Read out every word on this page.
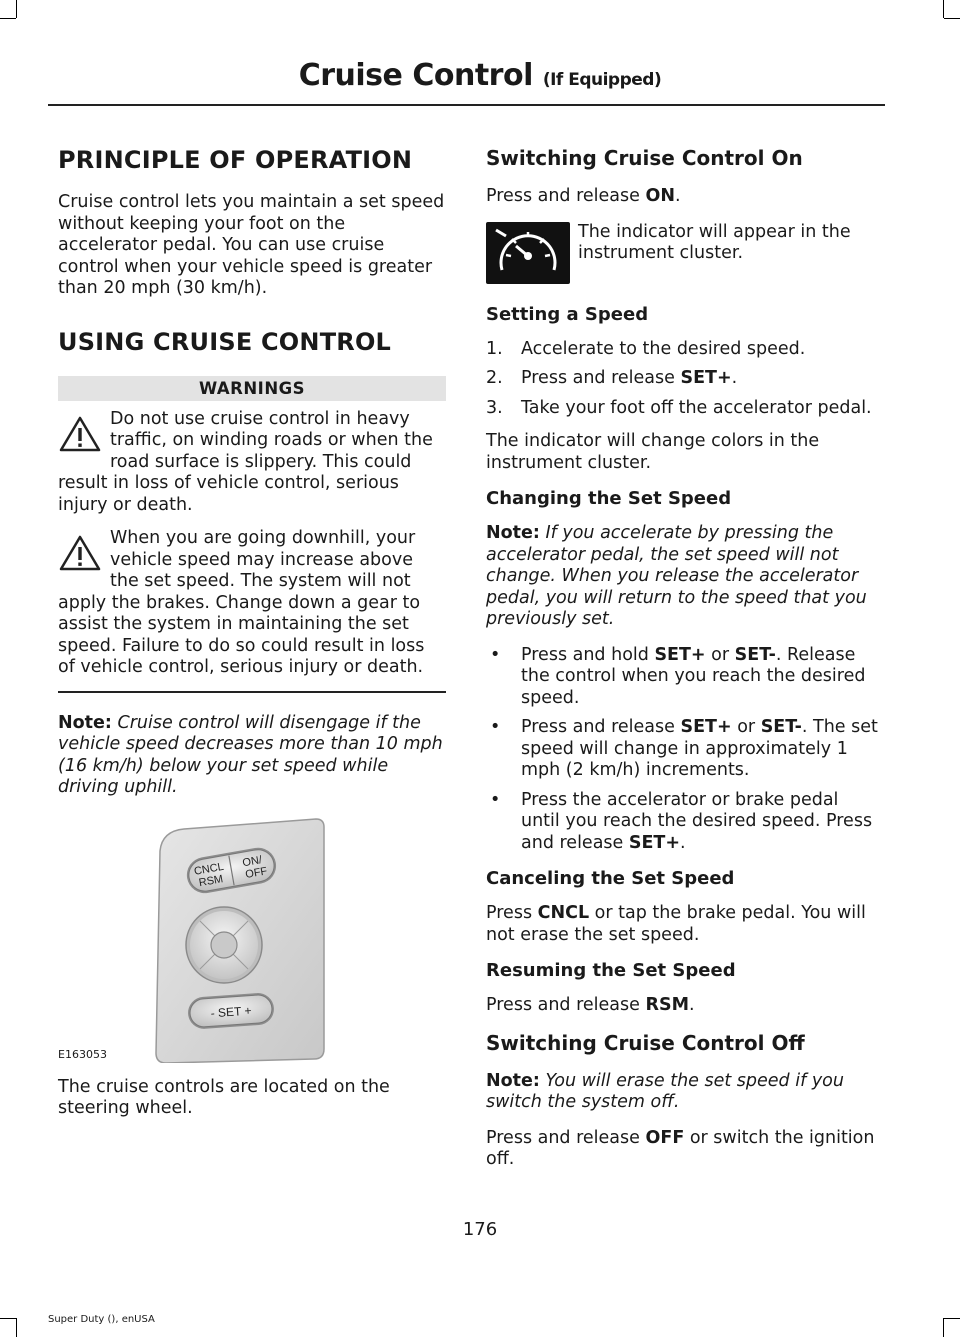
Cruise Control (If Equipped)
PRINCIPLE OF OPERATION

Cruise control lets you maintain a set speed without keeping your foot on the accelerator pedal. You can use cruise control when your vehicle speed is greater than 20 mph (30 km/h).

USING CRUISE CONTROL
WARNINGS
Do not use cruise control in heavy traffic, on winding roads or when the road surface is slippery. This could result in loss of vehicle control, serious injury or death.
When you are going downhill, your vehicle speed may increase above the set speed. The system will not apply the brakes. Change down a gear to assist the system in maintaining the set speed. Failure to do so could result in loss of vehicle control, serious injury or death.

Note: Cruise control will disengage if the vehicle speed decreases more than 10 mph (16 km/h) below your set speed while driving uphill.

CNCL
RSM
ON/
OFF
- SET +
E163053

The cruise controls are located on the steering wheel.

Switching Cruise Control On

Press and release ON.

The indicator will appear in the instrument cluster.
Setting a Speed
1. Accelerate to the desired speed.
2. Press and release SET+.
3. Take your foot off the accelerator pedal.

The indicator will change colors in the instrument cluster.

Changing the Set Speed

Note: If you accelerate by pressing the accelerator pedal, the set speed will not change. When you release the accelerator pedal, you will return to the speed that you previously set.

• Press and hold SET+ or SET-. Release the control when you reach the desired speed.
• Press and release SET+ or SET-. The set speed will change in approximately 1 mph (2 km/h) increments.
• Press the accelerator or brake pedal until you reach the desired speed. Press and release SET+.
Canceling the Set Speed

Press CNCL or tap the brake pedal. You will not erase the set speed.

Resuming the Set Speed

Press and release RSM.

Switching Cruise Control Off

Note: You will erase the set speed if you switch the system off.

Press and release OFF or switch the ignition off.

176
Super Duty (), enUSA
